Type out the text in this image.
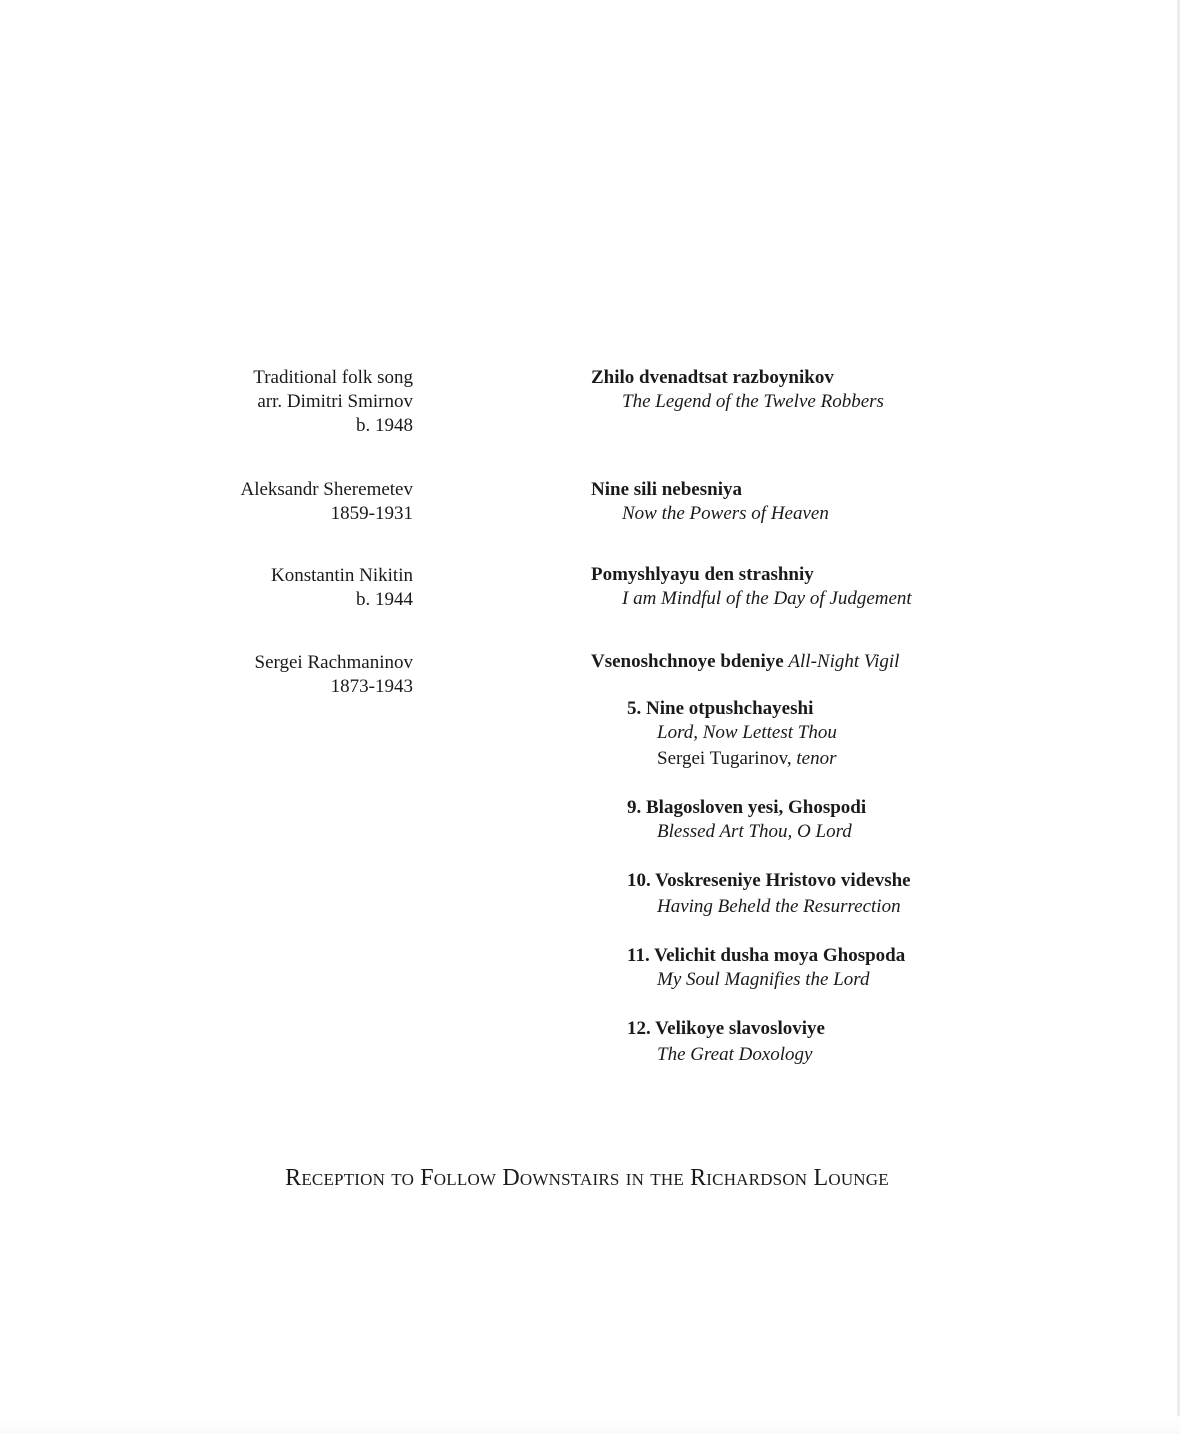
Traditional folk song
arr. Dimitri Smirnov
b. 1948
Zhilo dvenadtsat razboynikov
The Legend of the Twelve Robbers
Aleksandr Sheremetev
1859-1931
Nine sili nebesniya
Now the Powers of Heaven
Konstantin Nikitin
b. 1944
Pomyshlyayu den strashniy
I am Mindful of the Day of Judgement
Sergei Rachmaninov
1873-1943
Vsenoshchnoye bdeniye All-Night Vigil
5. Nine otpushchayeshi
Lord, Now Lettest Thou
Sergei Tugarinov, tenor
9. Blagosloven yesi, Ghospodi
Blessed Art Thou, O Lord
10. Voskreseniye Hristovo videvshe
Having Beheld the Resurrection
11. Velichit dusha moya Ghospoda
My Soul Magnifies the Lord
12. Velikoye slavosloviye
The Great Doxology
Reception to Follow Downstairs in the Richardson Lounge
